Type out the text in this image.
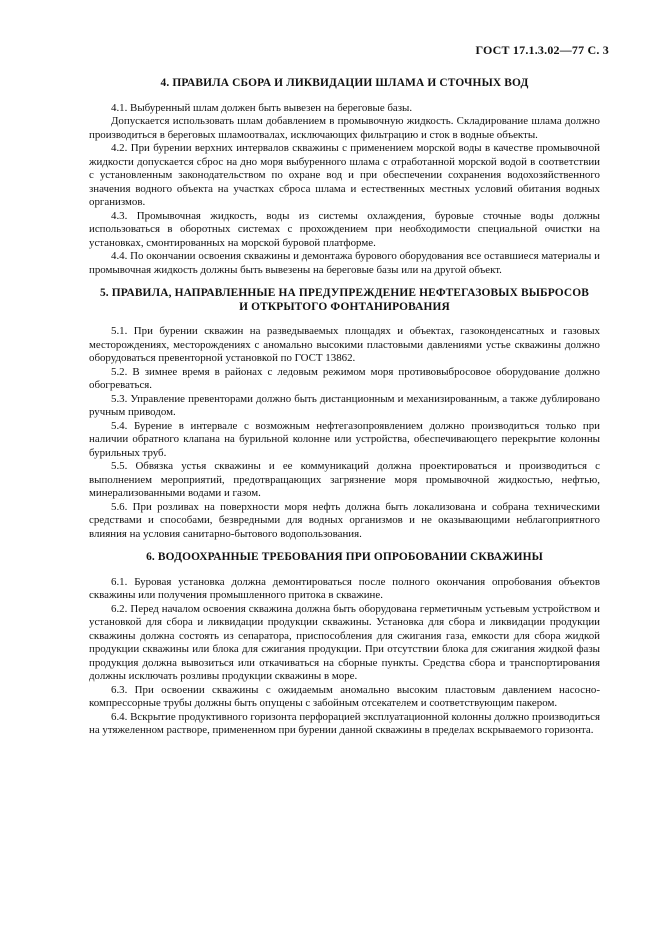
ГОСТ 17.1.3.02—77 С. 3
4. ПРАВИЛА СБОРА И ЛИКВИДАЦИИ ШЛАМА И СТОЧНЫХ ВОД

4.1. Выбуренный шлам должен быть вывезен на береговые базы.

Допускается использовать шлам добавлением в промывочную жидкость. Складирование шлама должно производиться в береговых шламоотвалах, исключающих фильтрацию и сток в водные объекты.

4.2. При бурении верхних интервалов скважины с применением морской воды в качестве промывочной жидкости допускается сброс на дно моря выбуренного шлама с отработанной морской водой в соответствии с установленным законодательством по охране вод и при обеспечении сохранения водохозяйственного значения водного объекта на участках сброса шлама и естественных местных условий обитания водных организмов.

4.3. Промывочная жидкость, воды из системы охлаждения, буровые сточные воды должны использоваться в оборотных системах с прохождением при необходимости специальной очистки на установках, смонтированных на морской буровой платформе.

4.4. По окончании освоения скважины и демонтажа бурового оборудования все оставшиеся материалы и промывочная жидкость должны быть вывезены на береговые базы или на другой объект.

5. ПРАВИЛА, НАПРАВЛЕННЫЕ НА ПРЕДУПРЕЖДЕНИЕ НЕФТЕГАЗОВЫХ ВЫБРОСОВ
И ОТКРЫТОГО ФОНТАНИРОВАНИЯ

5.1. При бурении скважин на разведываемых площадях и объектах, газоконденсатных и газовых месторождениях, месторождениях с аномально высокими пластовыми давлениями устье скважины должно оборудоваться превенторной установкой по ГОСТ 13862.

5.2. В зимнее время в районах с ледовым режимом моря противовыбросовое оборудование должно обогреваться.

5.3. Управление превенторами должно быть дистанционным и механизированным, а также дублировано ручным приводом.

5.4. Бурение в интервале с возможным нефтегазопроявлением должно производиться только при наличии обратного клапана на бурильной колонне или устройства, обеспечивающего перекрытие колонны бурильных труб.

5.5. Обвязка устья скважины и ее коммуникаций должна проектироваться и производиться с выполнением мероприятий, предотвращающих загрязнение моря промывочной жидкостью, нефтью, минерализованными водами и газом.

5.6. При розливах на поверхности моря нефть должна быть локализована и собрана техническими средствами и способами, безвредными для водных организмов и не оказывающими неблагоприятного влияния на условия санитарно-бытового водопользования.

6. ВОДООХРАННЫЕ ТРЕБОВАНИЯ ПРИ ОПРОБОВАНИИ СКВАЖИНЫ

6.1. Буровая установка должна демонтироваться после полного окончания опробования объектов скважины или получения промышленного притока в скважине.

6.2. Перед началом освоения скважина должна быть оборудована герметичным устьевым устройством и установкой для сбора и ликвидации продукции скважины. Установка для сбора и ликвидации продукции скважины должна состоять из сепаратора, приспособления для сжигания газа, емкости для сбора жидкой продукции скважины или блока для сжигания продукции. При отсутствии блока для сжигания жидкой фазы продукция должна вывозиться или откачиваться на сборные пункты. Средства сбора и транспортирования должны исключать розливы продукции скважины в море.

6.3. При освоении скважины с ожидаемым аномально высоким пластовым давлением насосно-компрессорные трубы должны быть опущены с забойным отсекателем и соответствующим пакером.

6.4. Вскрытие продуктивного горизонта перфорацией эксплуатационной колонны должно производиться на утяжеленном растворе, примененном при бурении данной скважины в пределах вскрываемого горизонта.
